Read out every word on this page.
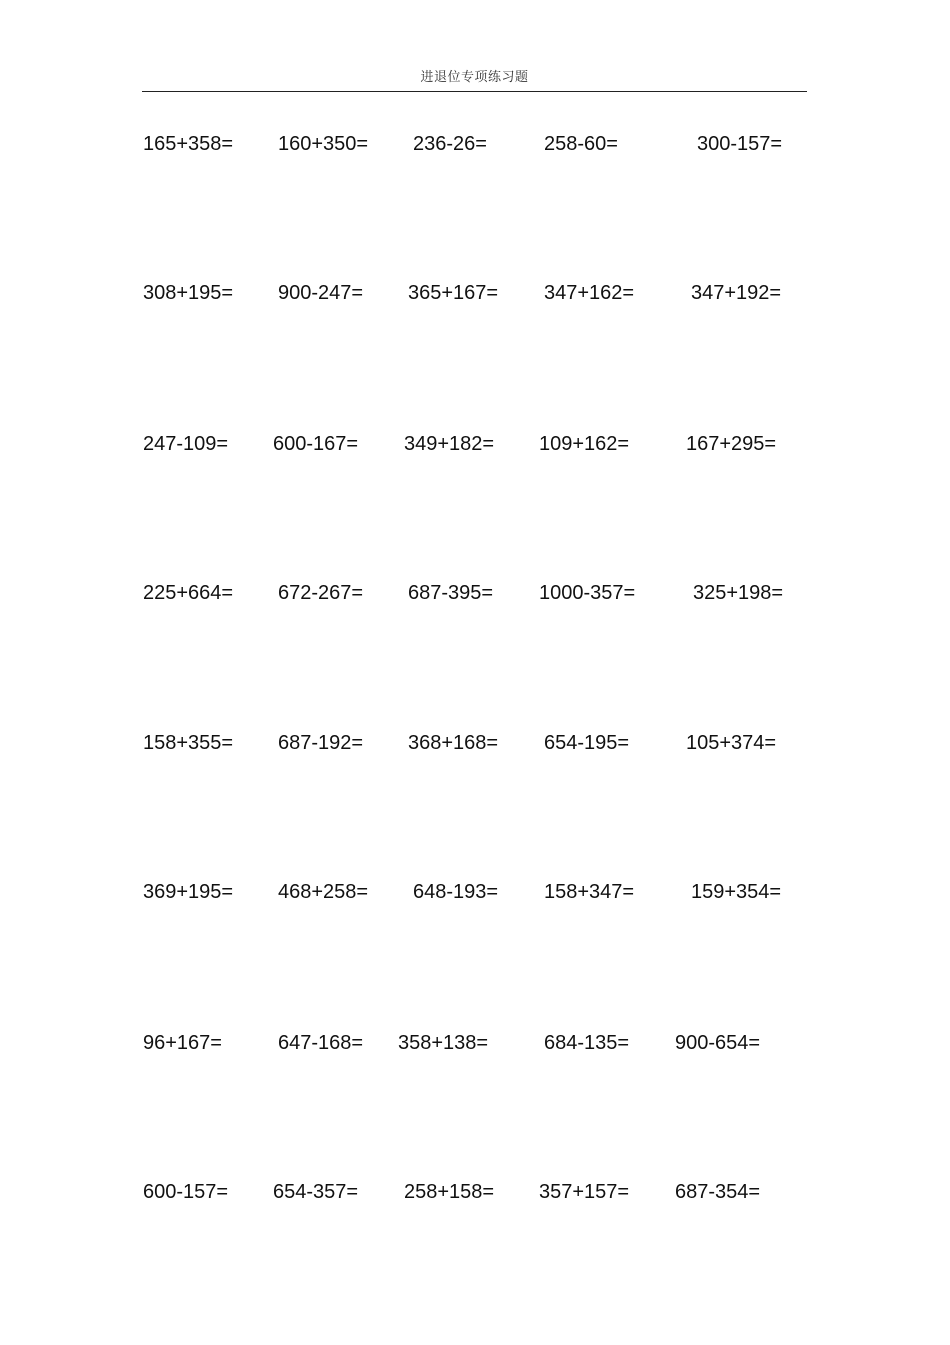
进退位专项练习题
165+358= 160+350= 236-26=	258-60=	300-157=
308+195= 900-247= 365+167= 347+162=	347+192=
247-109= 600-167= 349+182= 109+162=	167+295=
225+664= 672-267= 687-395= 1000-357=	325+198=
158+355= 687-192= 368+168= 654-195=	105+374=
369+195= 468+258= 648-193= 158+347=	159+354=
96+167=	647-168= 358+138=	684-135= 900-654=
600-157= 654-357= 258+158= 357+157= 687-354=
